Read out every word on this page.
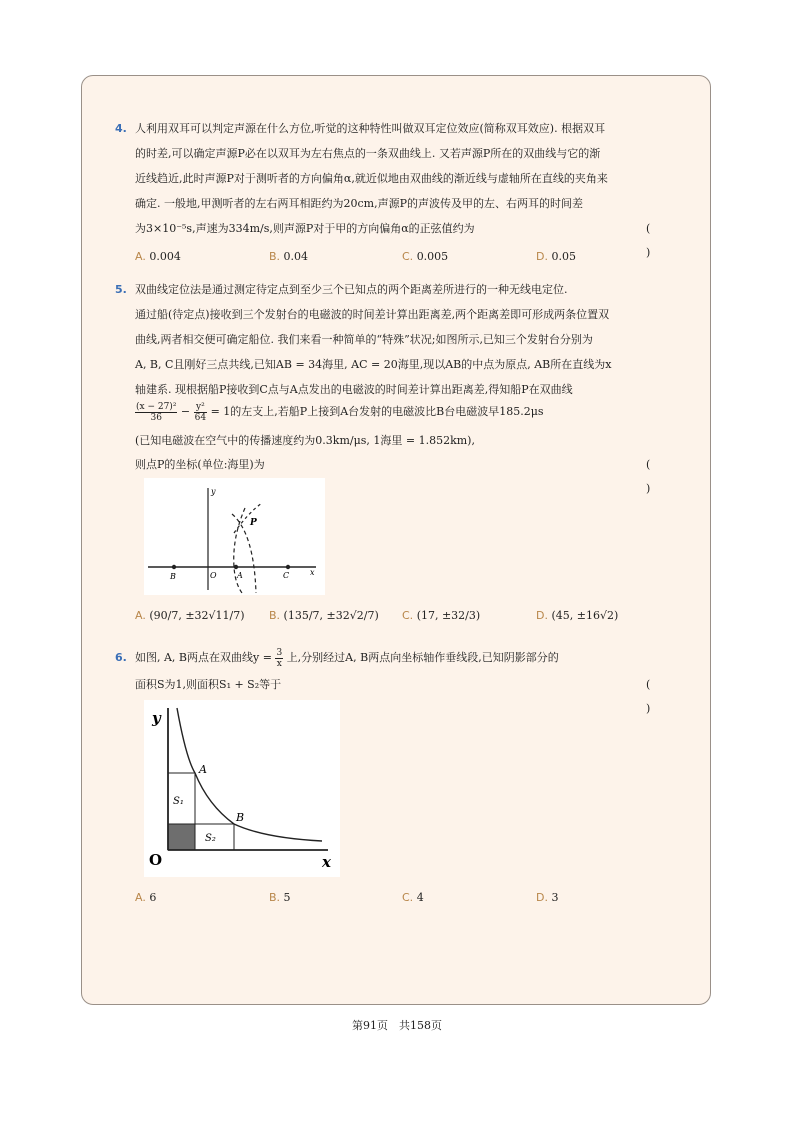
4. 人利用双耳可以判定声源在什么方位,听觉的这种特性叫做双耳定位效应(简称双耳效应). 根据双耳
的时差,可以确定声源P必在以双耳为左右焦点的一条双曲线上. 又若声源P所在的双曲线与它的渐
近线趋近,此时声源P对于测听者的方向偏角α,就近似地由双曲线的渐近线与虚轴所在直线的夹角来
确定. 一般地,甲测听者的左右两耳相距约为20cm,声源P的声波传及甲的左、右两耳的时间差
为3×10⁻⁵s,声速为334m/s,则声源P对于甲的方向偏角α的正弦值约为	( )
A. 0.004	B. 0.04	C. 0.005	D. 0.05
5. 双曲线定位法是通过测定待定点到至少三个已知点的两个距离差所进行的一种无线电定位.
通过船(待定点)接收到三个发射台的电磁波的时间差计算出距离差,两个距离差即可形成两条位置双
曲线,两者相交便可确定船位. 我们来看一种简单的“特殊”状况;如图所示,已知三个发射台分别为
A, B, C且刚好三点共线,已知AB = 34海里, AC = 20海里,现以AB的中点为原点, AB所在直线为x
轴建系. 现根据船P接收到C点与A点发出的电磁波的时间差计算出距离差,得知船P在双曲线
$\frac{\text{(x − 27)²}}{36} - \frac{\text{y²}}{64} = 1$的左支上,若船P上接到A台发射的电磁波比B台电磁波早185.2μs
(已知电磁波在空气中的传播速度约为0.3km/μs, 1海里 = 1.852km),
则点P的坐标(单位:海里)为	( )
y
P
B	O	A	C	x
A. (90/7, ±32√11/7) B. (135/7, ±32√2/7) C. (17, ±32/3)	D. (45, ±16√2)
6. 如图, A, B两点在双曲线$y = \frac{3}{x}$ 上,分别经过A, B两点向坐标轴作垂线段,已知阴影部分的
面积S为1,则面积S₁ + S₂等于	( )
y
A
S₁
B
S₂
O	x
A. 6	B. 5	C. 4	D. 3
第91页　共158页
